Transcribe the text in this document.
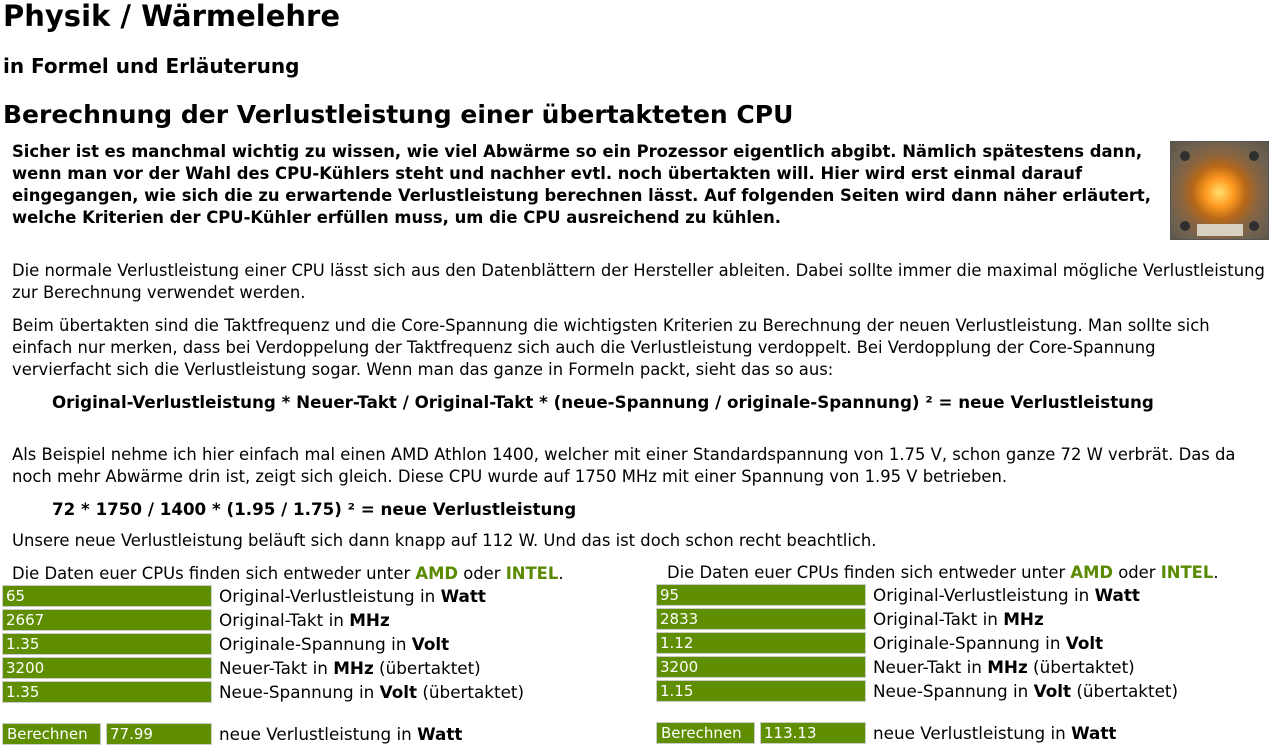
Physik / Wärmelehre
in Formel und Erläuterung
Berechnung der Verlustleistung einer übertakteten CPU

Sicher ist es manchmal wichtig zu wissen, wie viel Abwärme so ein Prozessor eigentlich abgibt. Nämlich spätestens dann, wenn man vor der Wahl des CPU-Kühlers steht und nachher evtl. noch übertakten will. Hier wird erst einmal darauf eingegangen, wie sich die zu erwartende Verlustleistung berechnen lässt. Auf folgenden Seiten wird dann näher erläutert, welche Kriterien der CPU-Kühler erfüllen muss, um die CPU ausreichend zu kühlen.

Die normale Verlustleistung einer CPU lässt sich aus den Datenblättern der Hersteller ableiten. Dabei sollte immer die maximal mögliche Verlustleistung zur Berechnung verwendet werden.

Beim übertakten sind die Taktfrequenz und die Core-Spannung die wichtigsten Kriterien zu Berechnung der neuen Verlustleistung. Man sollte sich einfach nur merken, dass bei Verdoppelung der Taktfrequenz sich auch die Verlustleistung verdoppelt. Bei Verdopplung der Core-Spannung vervierfacht sich die Verlustleistung sogar. Wenn man das ganze in Formeln packt, sieht das so aus:

Original-Verlustleistung * Neuer-Takt / Original-Takt * (neue-Spannung / originale-Spannung) ² = neue Verlustleistung

Als Beispiel nehme ich hier einfach mal einen AMD Athlon 1400, welcher mit einer Standardspannung von 1.75 V, schon ganze 72 W verbrät. Das da noch mehr Abwärme drin ist, zeigt sich gleich. Diese CPU wurde auf 1750 MHz mit einer Spannung von 1.95 V betrieben.

72 * 1750 / 1400 * (1.95 / 1.75) ² = neue Verlustleistung

Unsere neue Verlustleistung beläuft sich dann knapp auf 112 W. Und das ist doch schon recht beachtlich.

Die Daten euer CPUs finden sich entweder unter AMD oder INTEL.
65	Original-Verlustleistung in Watt
2667	Original-Takt in MHz
1.35	Originale-Spannung in Volt
3200	Neuer-Takt in MHz (übertaktet)
1.35	Neue-Spannung in Volt (übertaktet)
Berechnen	77.99	neue Verlustleistung in Watt
Die Daten euer CPUs finden sich entweder unter AMD oder INTEL.
95	Original-Verlustleistung in Watt
2833	Original-Takt in MHz
1.12	Originale-Spannung in Volt
3200	Neuer-Takt in MHz (übertaktet)
1.15	Neue-Spannung in Volt (übertaktet)
Berechnen	113.13	neue Verlustleistung in Watt
